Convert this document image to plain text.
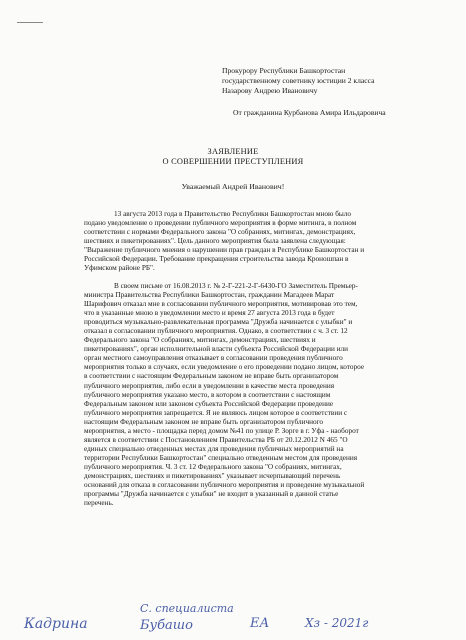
Прокурору Республики Башкортостан
государственному советнику юстиции 2 класса
Назарову Андрею Ивановичу
От гражданина Курбанова Амира Ильдаровича
ЗАЯВЛЕНИЕ
О СОВЕРШЕНИИ ПРЕСТУПЛЕНИЯ
Уважаемый Андрей Иванович!
13 августа 2013 года в Правительство Республики Башкортостан мною было
подано уведомление о проведении публичного мероприятия в форме митинга, в полном
соответствии с нормами Федерального закона "О собраниях, митингах, демонстрациях,
шествиях и пикетированиях". Цель данного мероприятия была заявлена следующая:
"Выражение публичного мнения о нарушении прав граждан в Республике Башкортостан и
Российской Федерации. Требование прекращения строительства завода Кроношпан в
Уфимском районе РБ".
В своем письме от 16.08.2013 г. № 2-Г-221-2-Г-6430-ГО Заместитель Премьер-
министра Правительства Республики Башкортостан, гражданин Магадеев Марат
Шарифович отказал мне в согласовании публичного мероприятия, мотивировав это тем,
что в указанные мною в уведомлении место и время 27 августа 2013 года в будет
проводиться музыкально-развлекательная программа "Дружба начинается с улыбки" и
отказал в согласовании публичного мероприятия. Однако, в соответствии с ч. 3 ст. 12
Федерального закона "О собраниях, митингах, демонстрациях, шествиях и
пикетированиях", орган исполнительной власти субъекта Российской Федерации или
орган местного самоуправления отказывает в согласовании проведения публичного
мероприятия только в случаях, если уведомление о его проведении подано лицом, которое
в соответствии с настоящим Федеральным законом не вправе быть организатором
публичного мероприятия, либо если в уведомлении в качестве места проведения
публичного мероприятия указано место, в котором в соответствии с настоящим
Федеральным законом или законом субъекта Российской Федерации проведение
публичного мероприятия запрещается. Я не являюсь лицом которое в соответствии с
настоящим Федеральным законом не вправе быть организатором публичного
мероприятия, а место - площадка перед домом №41 по улице Р. Зорге в г. Уфа - наоборот
является в соответствии с Постановлением Правительства РБ от 20.12.2012 N 465 "О
единых специально отведенных местах для проведения публичных мероприятий на
территории Республики Башкортостан" специально отведенным местом для проведения
публичного мероприятия. Ч. 3 ст. 12 Федерального закона "О собраниях, митингах,
демонстрациях, шествиях и пикетированиях" указывает исчерпывающий перечень
оснований для отказа в согласовании публичного мероприятия и проведение музыкальной
программы "Дружба начинается с улыбки" не входит в указанный в данной статье
перечень.
С. специалиста
Кадрина	Бубашо	ЕА	Хз - 2021г
